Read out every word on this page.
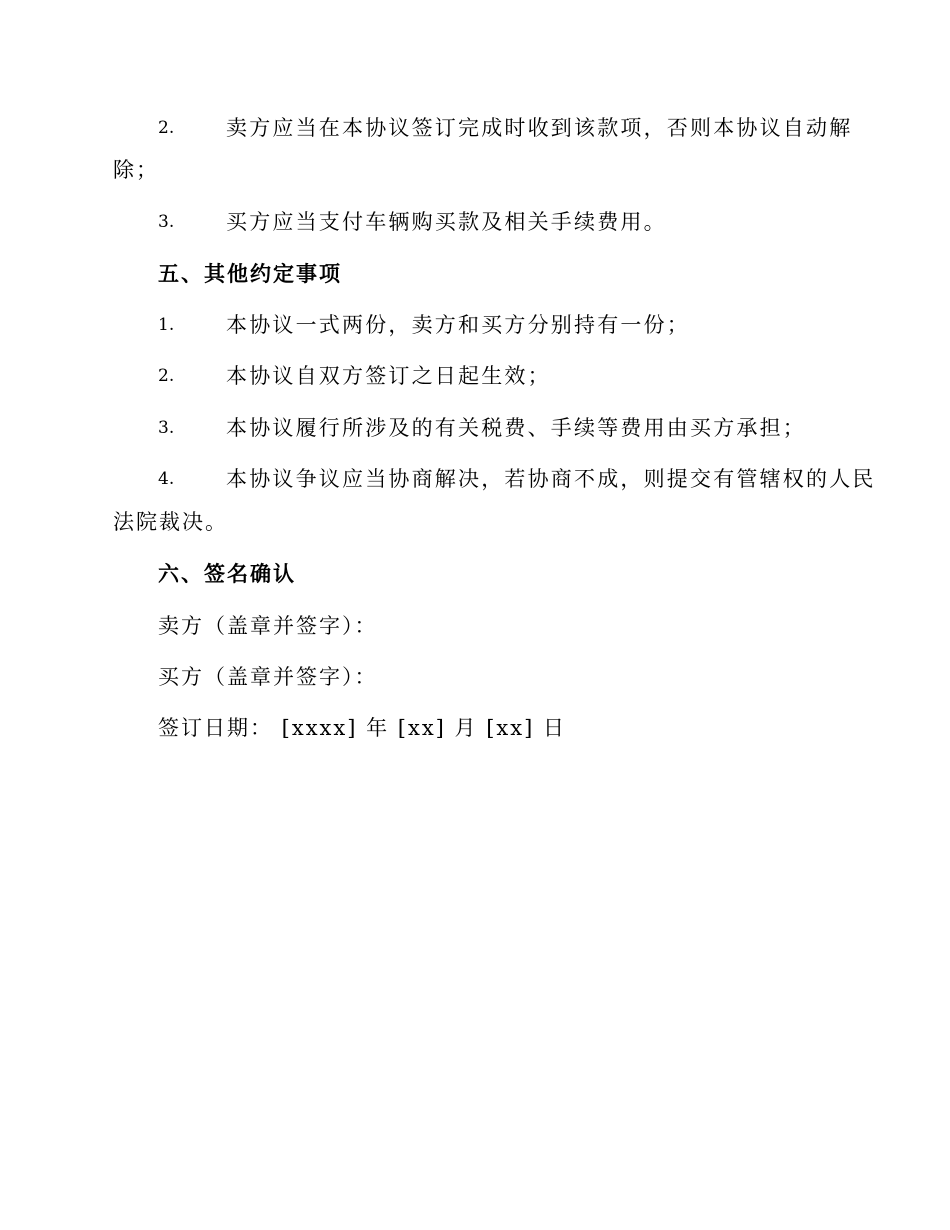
2. 卖方应当在本协议签订完成时收到该款项，否则本协议自动解
除；
3. 买方应当支付车辆购买款及相关手续费用。
五、其他约定事项
1. 本协议一式两份，卖方和买方分别持有一份；
2. 本协议自双方签订之日起生效；
3. 本协议履行所涉及的有关税费、手续等费用由买方承担；
4. 本协议争议应当协商解决，若协商不成，则提交有管辖权的人民
法院裁决。
六、签名确认
卖方（盖章并签字）：
买方（盖章并签字）：
签订日期： [xxxx] 年 [xx] 月 [xx] 日
